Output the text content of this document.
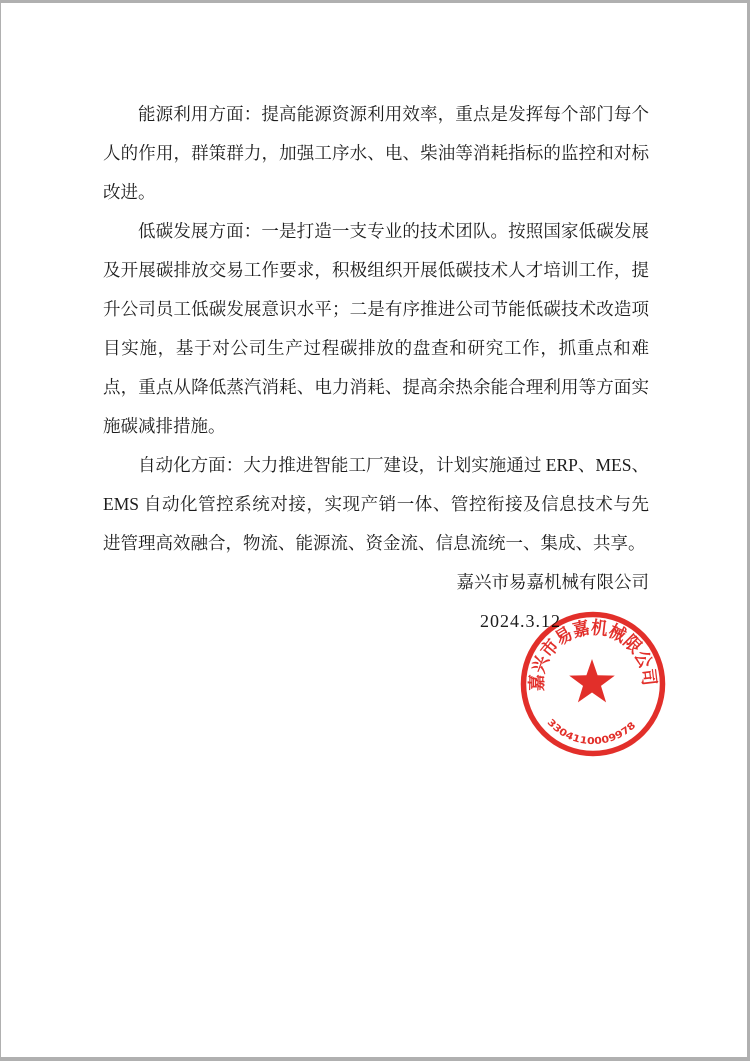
能源利用方面：提高能源资源利用效率，重点是发挥每个部门每个人的作用，群策群力，加强工序水、电、柴油等消耗指标的监控和对标改进。

低碳发展方面：一是打造一支专业的技术团队。按照国家低碳发展及开展碳排放交易工作要求，积极组织开展低碳技术人才培训工作，提升公司员工低碳发展意识水平；二是有序推进公司节能低碳技术改造项目实施，基于对公司生产过程碳排放的盘查和研究工作，抓重点和难点，重点从降低蒸汽消耗、电力消耗、提高余热余能合理利用等方面实施碳减排措施。

自动化方面：大力推进智能工厂建设，计划实施通过 ERP、MES、EMS 自动化管控系统对接，实现产销一体、管控衔接及信息技术与先进管理高效融合，物流、能源流、资金流、信息流统一、集成、共享。

嘉兴市易嘉机械有限公司
2024.3.12
嘉兴市易嘉机械限公司
3304110009978
